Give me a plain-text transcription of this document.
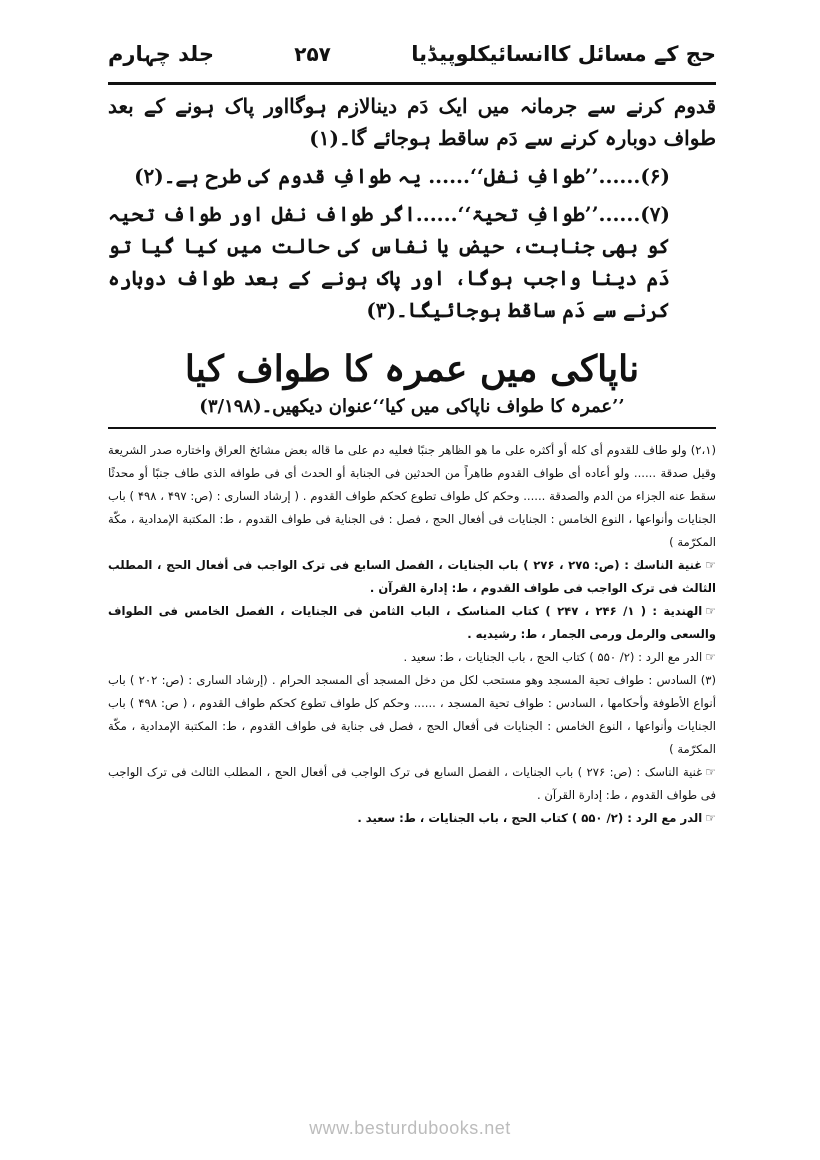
حج کے مسائل کاانسائیکلوپیڈیا
۲۵۷
جلد چہارم

قدوم کرنے سے جرمانہ میں ایک دَم دینالازم ہوگااور پاک ہونے کے بعد طواف دوبارہ کرنے سے دَم ساقط ہوجائے گا۔(۱)

(۶)......’’طوافِ نفل‘‘...... یہ طوافِ قدوم کی طرح ہے۔(۲)

(۷)......’’طوافِ تحیۃ‘‘......اگر طواف نفل اور طواف تحیہ کو بھی جنابت، حیض یا نفاس کی حالت میں کیا گیا تو دَم دینا واجب ہوگا، اور پاک ہونے کے بعد طواف دوبارہ کرنے سے دَم ساقط ہوجائیگا۔(۳)

ناپاکی میں عمرہ کا طواف کیا
’’عمرہ کا طواف ناپاکی میں کیا‘‘عنوان دیکھیں۔(۳/۱۹۸)

(۲،۱) ولو طاف للقدوم أی كله أو أكثره علی ما هو الظاهر جنبًا فعليه دم علی ما قاله بعض مشائخ العراق واختاره صدر الشريعة وقيل صدقة ...... ولو أعاده أی طواف القدوم طاهراً من الحدثين فی الجنابة أو الحدث أی فی طوافه الذی طاف جنبًا أو محدثًا سقط عنه الجزاء من الدم والصدقة ...... وحكم كل طواف تطوع كحكم طواف القدوم . ( إرشاد الساری : (ص: ۴۹۷ ، ۴۹۸ ) باب الجنايات وأنواعها ، النوع الخامس : الجنايات فی أفعال الحج ، فصل : فی الجناية فی طواف القدوم ، ط: المكتبة الإمدادية ، مكّة المكرّمة )

☞غنية الناسك : (ص: ۲۷۵ ، ۲۷۶ ) باب الجنايات ، الفصل السابع فی ترک الواجب فی أفعال الحج ، المطلب الثالث فی ترک الواجب فی طواف القدوم ، ط: إدارة القرآن .

☞الهندية : ( ۱/ ۲۴۶ ، ۲۴۷ ) كتاب المناسک ، الباب الثامن فی الجنايات ، الفصل الخامس فی الطواف والسعی والرمل ورمی الجمار ، ط: رشيديه .

☞الدر مع الرد : (۲/ ۵۵۰ ) كتاب الحج ، باب الجنايات ، ط: سعيد .

(۳) السادس : طواف تحية المسجد وهو مستحب لكل من دخل المسجد أی المسجد الحرام . (إرشاد الساری : (ص: ۲۰۲ ) باب أنواع الأطوفة وأحكامها ، السادس : طواف تحية المسجد ، ...... وحكم كل طواف تطوع كحكم طواف القدوم ، ( ص: ۴۹۸ ) باب الجنايات وأنواعها ، النوع الخامس : الجنايات فی أفعال الحج ، فصل فی جناية فی طواف القدوم ، ط: المكتبة الإمدادية ، مكّة المكرّمة )

☞غنية الناسک : (ص: ۲۷۶ ) باب الجنايات ، الفصل السابع فی ترک الواجب فی أفعال الحج ، المطلب الثالث فی ترک الواجب فی طواف القدوم ، ط: إدارة القرآن .

☞الدر مع الرد : (۲/ ۵۵۰ ) كتاب الحج ، باب الجنايات ، ط: سعيد .

www.besturdubooks.net
